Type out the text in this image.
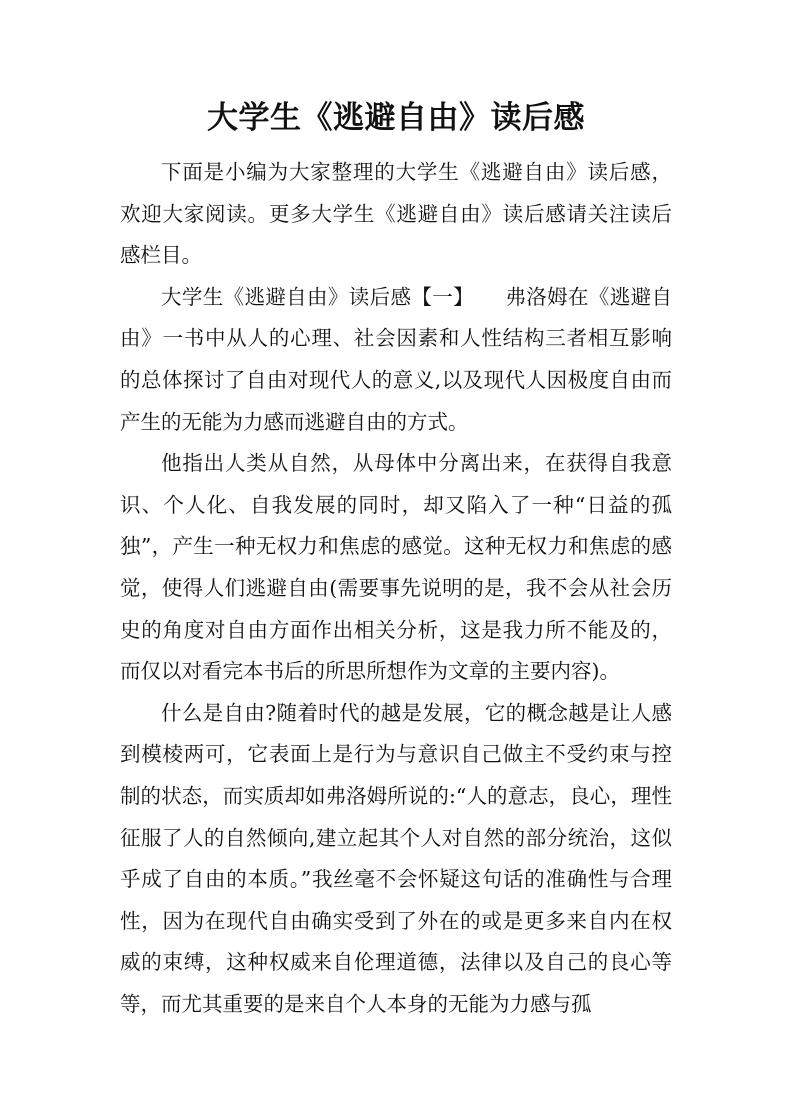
大学生《逃避自由》读后感

下面是小编为大家整理的大学生《逃避自由》读后感，欢迎大家阅读。更多大学生《逃避自由》读后感请关注读后感栏目。

大学生《逃避自由》读后感【一】　　弗洛姆在《逃避自由》一书中从人的心理、社会因素和人性结构三者相互影响的总体探讨了自由对现代人的意义,以及现代人因极度自由而产生的无能为力感而逃避自由的方式。

他指出人类从自然，从母体中分离出来，在获得自我意识、个人化、自我发展的同时，却又陷入了一种“日益的孤独”，产生一种无权力和焦虑的感觉。这种无权力和焦虑的感觉，使得人们逃避自由(需要事先说明的是，我不会从社会历史的角度对自由方面作出相关分析，这是我力所不能及的，而仅以对看完本书后的所思所想作为文章的主要内容)。

什么是自由?随着时代的越是发展，它的概念越是让人感到模棱两可，它表面上是行为与意识自己做主不受约束与控制的状态，而实质却如弗洛姆所说的:“人的意志，良心，理性征服了人的自然倾向,建立起其个人对自然的部分统治，这似乎成了自由的本质。”我丝毫不会怀疑这句话的准确性与合理性，因为在现代自由确实受到了外在的或是更多来自内在权威的束缚，这种权威来自伦理道德，法律以及自己的良心等等，而尤其重要的是来自个人本身的无能为力感与孤
